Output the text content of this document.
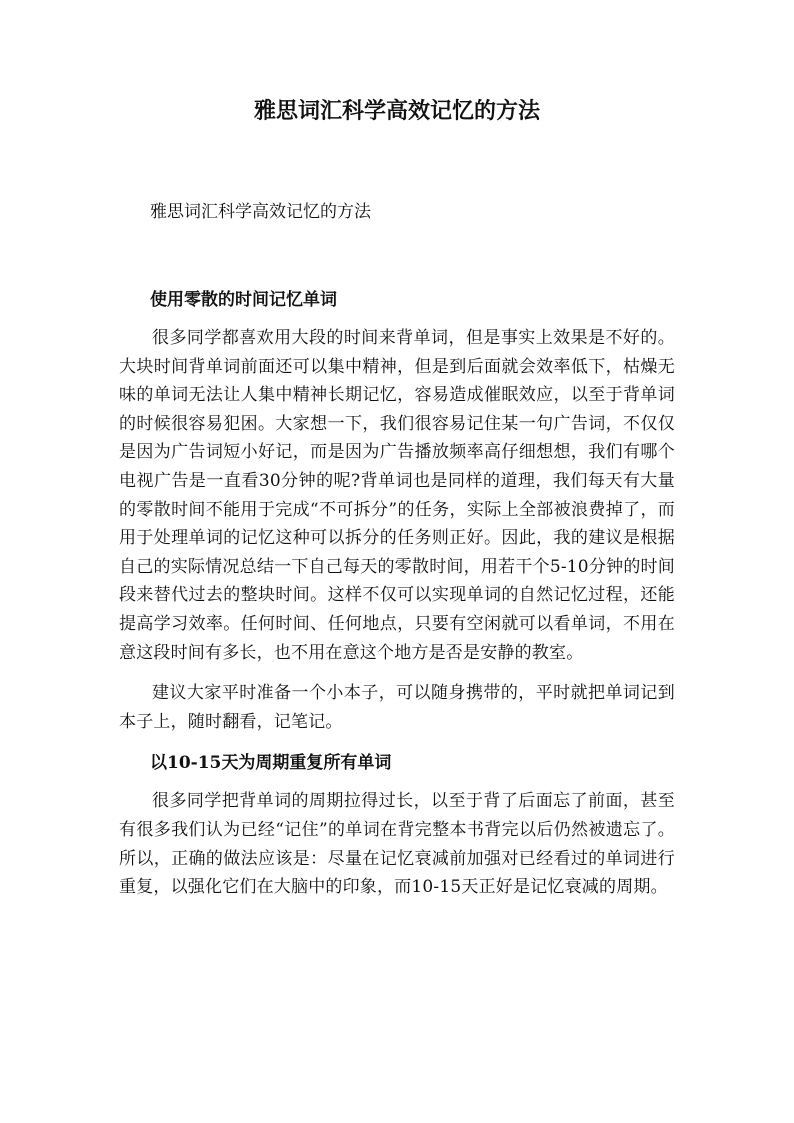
雅思词汇科学高效记忆的方法

雅思词汇科学高效记忆的方法

使用零散的时间记忆单词

很多同学都喜欢用大段的时间来背单词，但是事实上效果是不好的。大块时间背单词前面还可以集中精神，但是到后面就会效率低下，枯燥无味的单词无法让人集中精神长期记忆，容易造成催眠效应，以至于背单词的时候很容易犯困。大家想一下，我们很容易记住某一句广告词，不仅仅是因为广告词短小好记，而是因为广告播放频率高仔细想想，我们有哪个电视广告是一直看30分钟的呢?背单词也是同样的道理，我们每天有大量的零散时间不能用于完成“不可拆分”的任务，实际上全部被浪费掉了，而用于处理单词的记忆这种可以拆分的任务则正好。因此，我的建议是根据自己的实际情况总结一下自己每天的零散时间，用若干个5-10分钟的时间段来替代过去的整块时间。这样不仅可以实现单词的自然记忆过程，还能提高学习效率。任何时间、任何地点，只要有空闲就可以看单词，不用在意这段时间有多长，也不用在意这个地方是否是安静的教室。

建议大家平时准备一个小本子，可以随身携带的，平时就把单词记到本子上，随时翻看，记笔记。

以10-15天为周期重复所有单词

很多同学把背单词的周期拉得过长，以至于背了后面忘了前面，甚至有很多我们认为已经“记住”的单词在背完整本书背完以后仍然被遗忘了。所以，正确的做法应该是：尽量在记忆衰减前加强对已经看过的单词进行重复，以强化它们在大脑中的印象，而10-15天正好是记忆衰减的周期。
